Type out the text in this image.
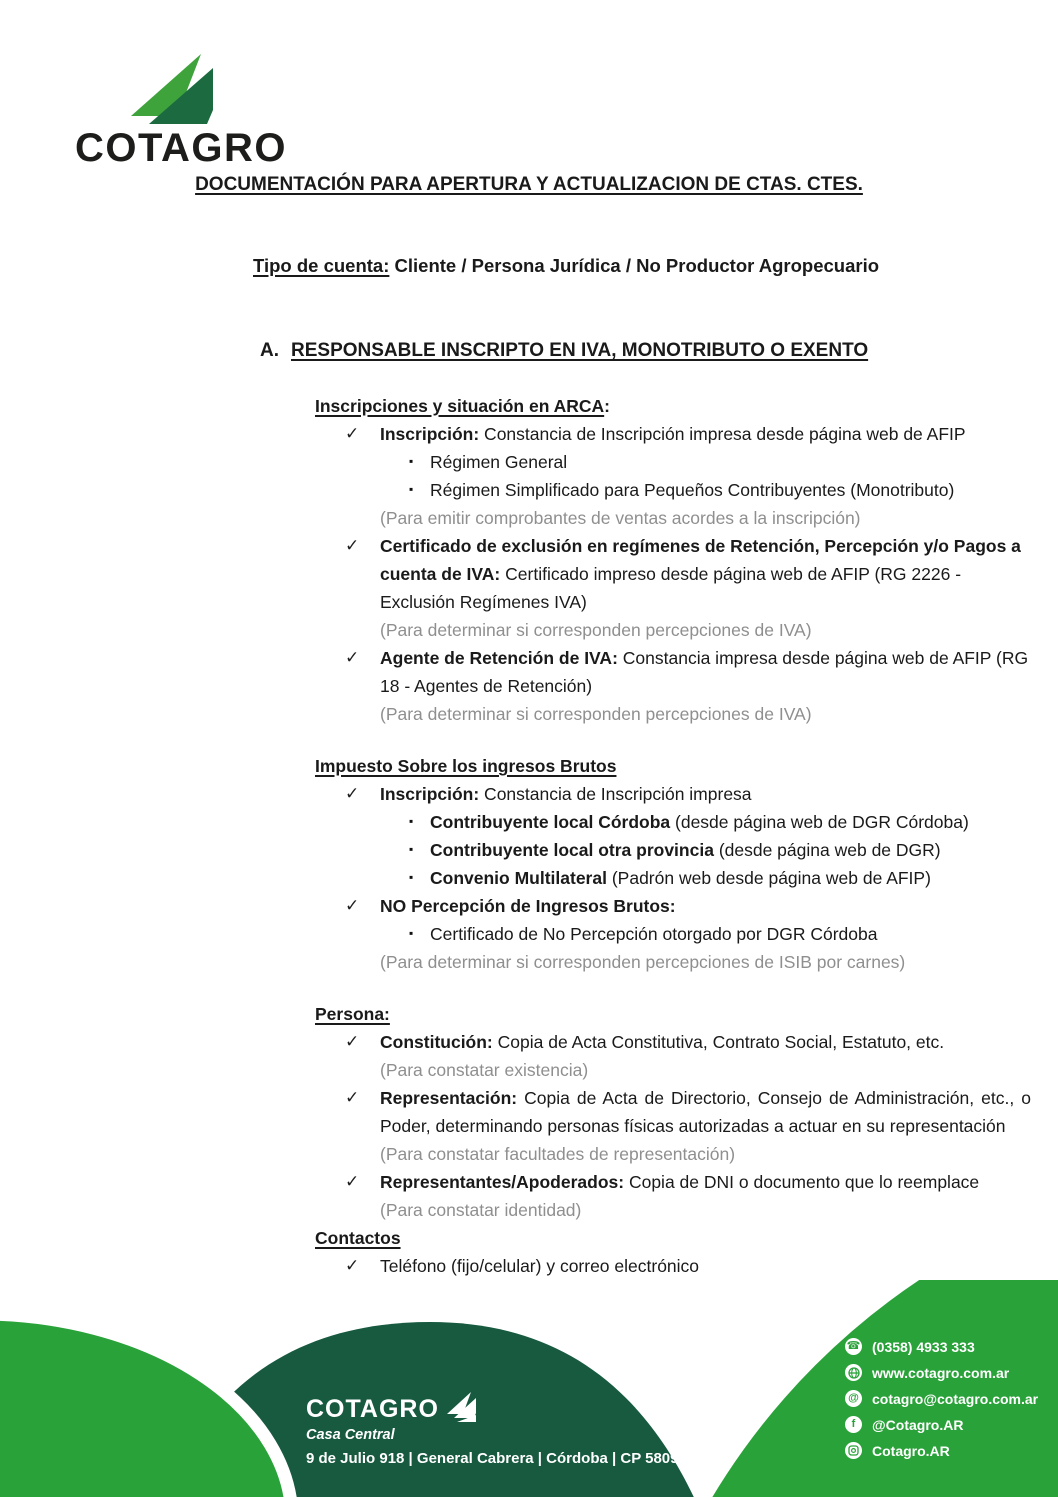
COTAGRO
DOCUMENTACIÓN PARA APERTURA Y ACTUALIZACION DE CTAS. CTES.
Tipo de cuenta: Cliente / Persona Jurídica / No Productor Agropecuario
A. RESPONSABLE INSCRIPTO EN IVA, MONOTRIBUTO O EXENTO
Inscripciones y situación en ARCA:
✓ Inscripción: Constancia de Inscripción impresa desde página web de AFIP
▪ Régimen General
▪ Régimen Simplificado para Pequeños Contribuyentes (Monotributo)
(Para emitir comprobantes de ventas acordes a la inscripción)
✓ Certificado de exclusión en regímenes de Retención, Percepción y/o Pagos a cuenta de IVA: Certificado impreso desde página web de AFIP (RG 2226 - Exclusión Regímenes IVA)
(Para determinar si corresponden percepciones de IVA)
✓ Agente de Retención de IVA: Constancia impresa desde página web de AFIP (RG 18 - Agentes de Retención)
(Para determinar si corresponden percepciones de IVA)
Impuesto Sobre los ingresos Brutos
✓ Inscripción: Constancia de Inscripción impresa
▪ Contribuyente local Córdoba (desde página web de DGR Córdoba)
▪ Contribuyente local otra provincia (desde página web de DGR)
▪ Convenio Multilateral (Padrón web desde página web de AFIP)
✓ NO Percepción de Ingresos Brutos:
▪ Certificado de No Percepción otorgado por DGR Córdoba
(Para determinar si corresponden percepciones de ISIB por carnes)
Persona:
✓ Constitución: Copia de Acta Constitutiva, Contrato Social, Estatuto, etc.
(Para constatar existencia)
✓ Representación: Copia de Acta de Directorio, Consejo de Administración, etc., o Poder, determinando personas físicas autorizadas a actuar en su representación
(Para constatar facultades de representación)
✓ Representantes/Apoderados: Copia de DNI o documento que lo reemplace
(Para constatar identidad)
Contactos
✓ Teléfono (fijo/celular) y correo electrónico
COTAGRO
Casa Central
9 de Julio 918 | General Cabrera | Córdoba | CP 5809
☎ (0358) 4933 333
www.cotagro.com.ar
@ cotagro@cotagro.com.ar
f @Cotagro.AR
Cotagro.AR
